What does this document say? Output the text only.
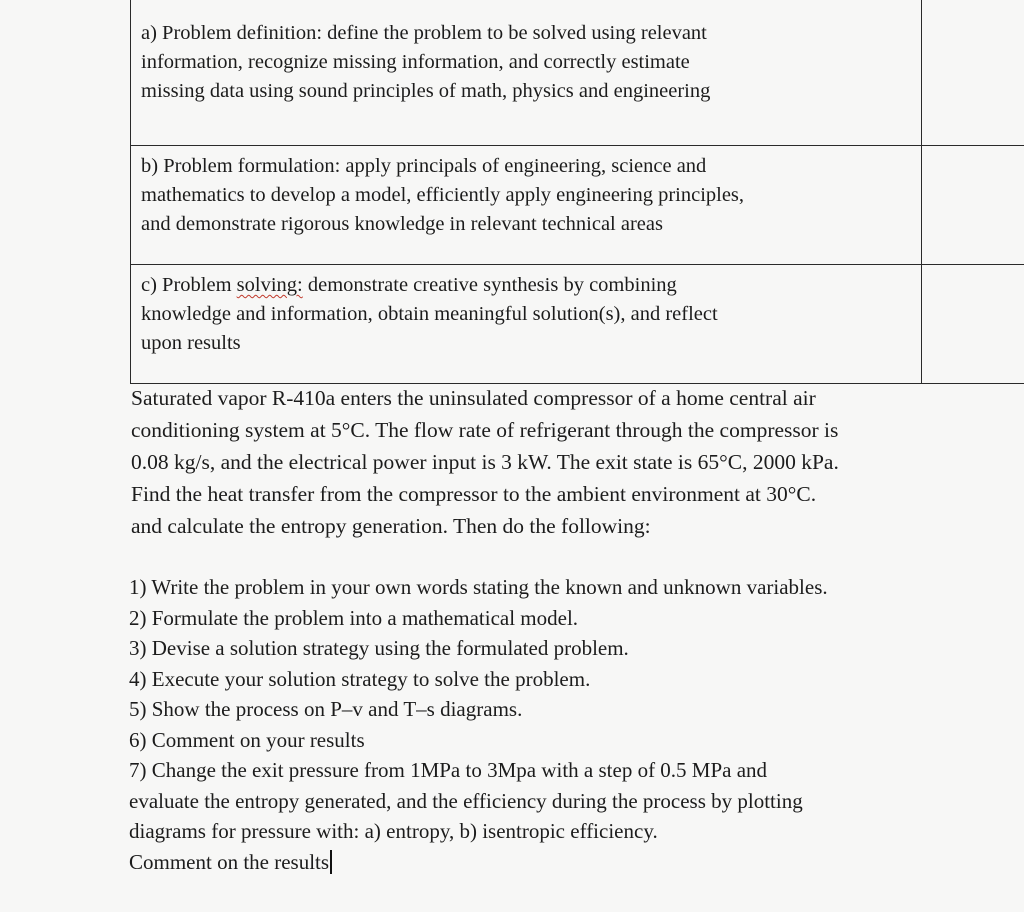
a) Problem definition: define the problem to be solved using relevant
information, recognize missing information, and correctly estimate
missing data using sound principles of math, physics and engineering	

b) Problem formulation: apply principals of engineering, science and
mathematics to develop a model, efficiently apply engineering principles,
and demonstrate rigorous knowledge in relevant technical areas	

c) Problem solving: demonstrate creative synthesis by combining
knowledge and information, obtain meaningful solution(s), and reflect
upon results	

Saturated vapor R-410a enters the uninsulated compressor of a home central air
conditioning system at 5°C. The flow rate of refrigerant through the compressor is
0.08 kg/s, and the electrical power input is 3 kW. The exit state is 65°C, 2000 kPa.
Find the heat transfer from the compressor to the ambient environment at 30°C.
and calculate the entropy generation. Then do the following:
1) Write the problem in your own words stating the known and unknown variables.
2) Formulate the problem into a mathematical model.
3) Devise a solution strategy using the formulated problem.
4) Execute your solution strategy to solve the problem.
5) Show the process on P–v and T–s diagrams.
6) Comment on your results
7) Change the exit pressure from 1MPa to 3Mpa with a step of 0.5 MPa and
evaluate the entropy generated, and the efficiency during the process by plotting
diagrams for pressure with: a) entropy, b) isentropic efficiency.
Comment on the results
